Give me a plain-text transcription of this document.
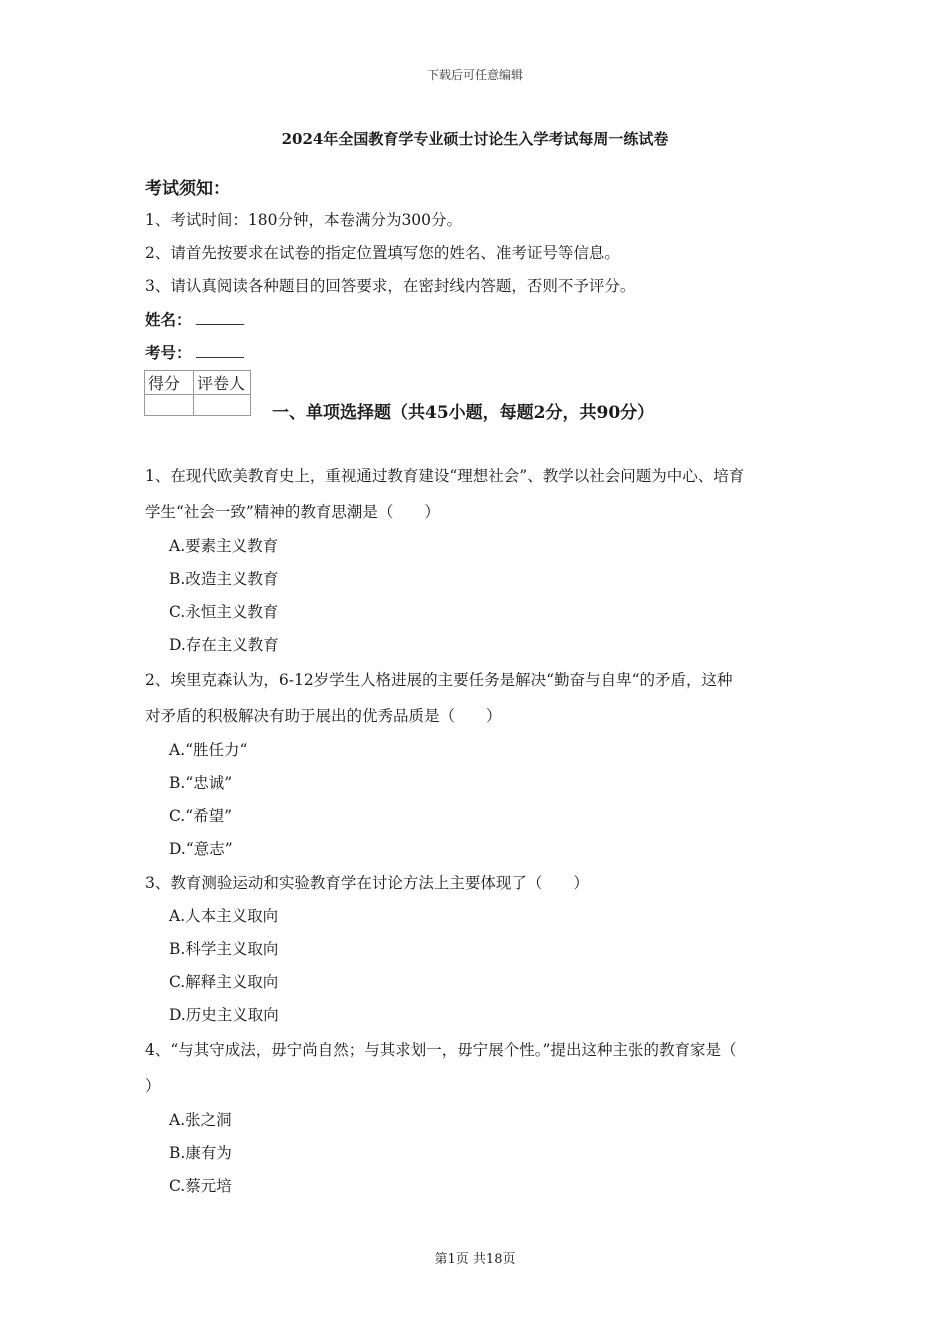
下载后可任意编辑
2024年全国教育学专业硕士讨论生入学考试每周一练试卷
考试须知：
1、考试时间：180分钟，本卷满分为300分。
2、请首先按要求在试卷的指定位置填写您的姓名、准考证号等信息。
3、请认真阅读各种题目的回答要求，在密封线内答题，否则不予评分。
姓名：
考号：
得分	评卷人

一、单项选择题（共45小题，每题2分，共90分）
1、在现代欧美教育史上，重视通过教育建设“理想社会”、教学以社会问题为中心、培育
学生“社会一致”精神的教育思潮是（　　）
A.要素主义教育
B.改造主义教育
C.永恒主义教育
D.存在主义教育
2、埃里克森认为，6-12岁学生人格进展的主要任务是解决“勤奋与自卑“的矛盾，这种
对矛盾的积极解决有助于展出的优秀品质是（　　）
A.“胜任力“
B.“忠诚”
C.“希望”
D.“意志”
3、教育测验运动和实验教育学在讨论方法上主要体现了（　　）
A.人本主义取向
B.科学主义取向
C.解释主义取向
D.历史主义取向
4、“与其守成法，毋宁尚自然；与其求划一，毋宁展个性。”提出这种主张的教育家是（
）
A.张之洞
B.康有为
C.蔡元培
第1页 共18页
